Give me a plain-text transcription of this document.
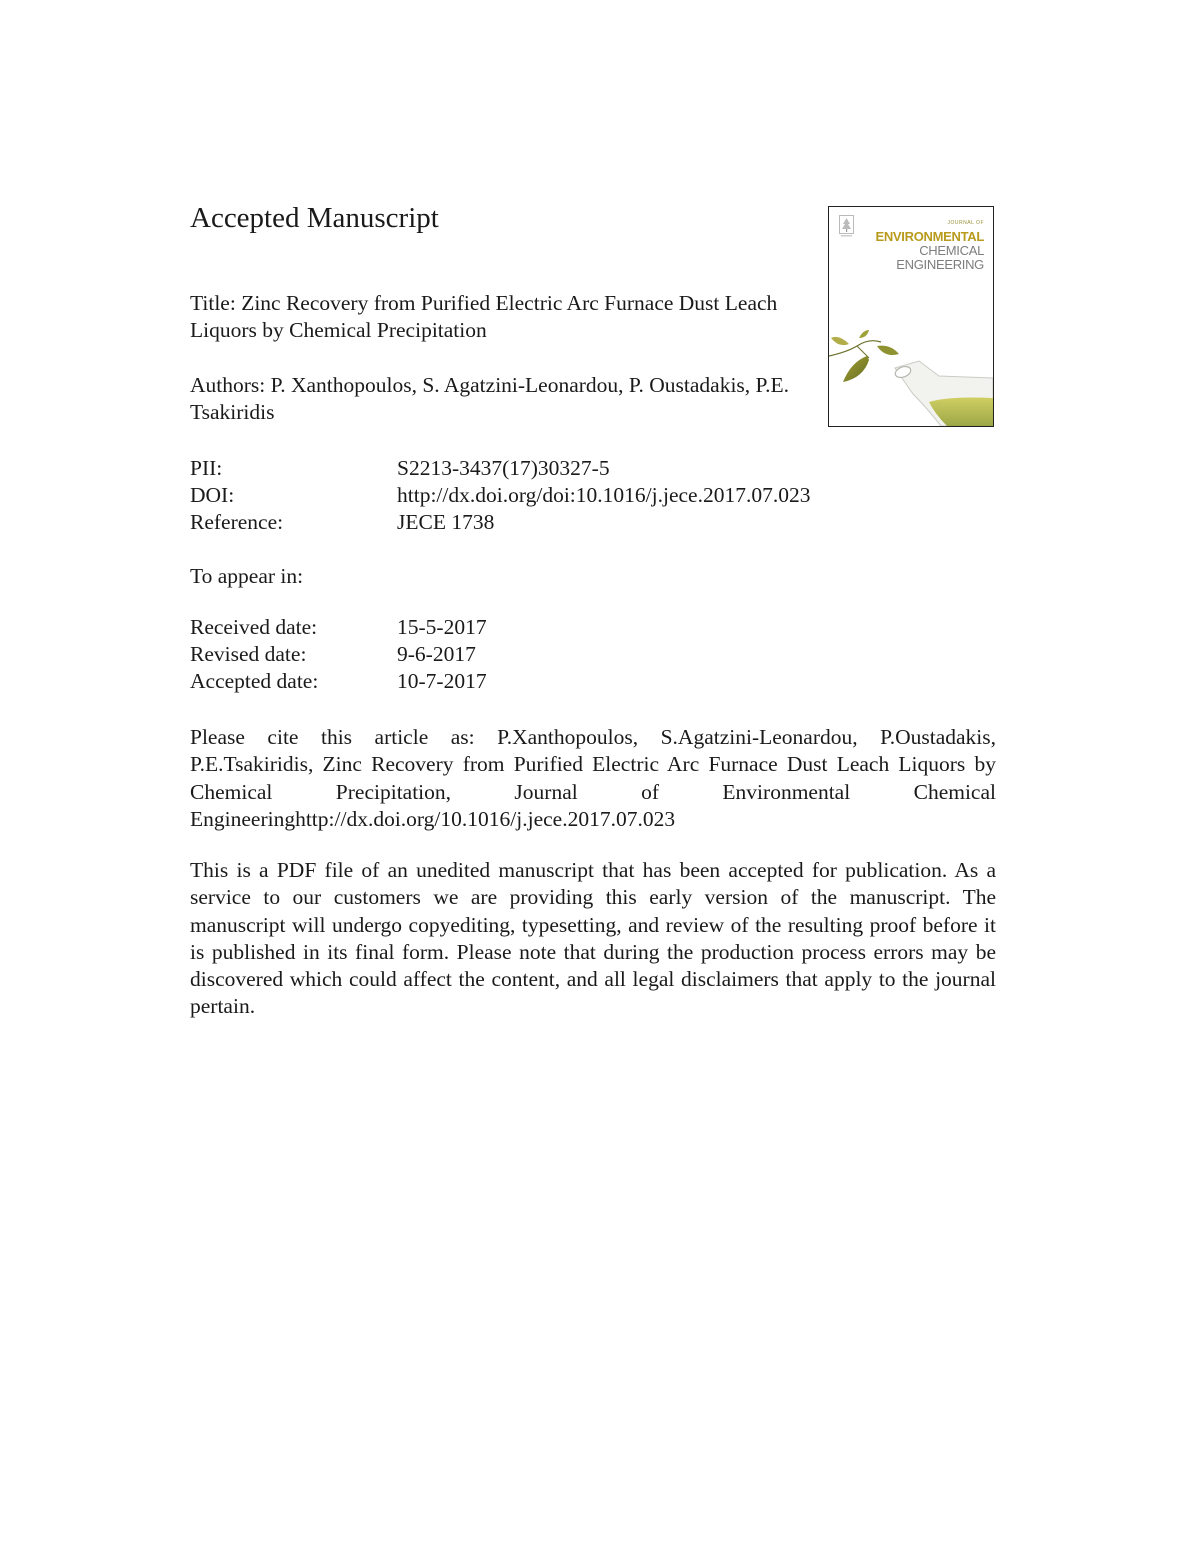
Accepted Manuscript
Title: Zinc Recovery from Purified Electric Arc Furnace Dust Leach Liquors by Chemical Precipitation
Authors: P. Xanthopoulos, S. Agatzini-Leonardou, P. Oustadakis, P.E. Tsakiridis
PII:	S2213-3437(17)30327-5
DOI:	http://dx.doi.org/doi:10.1016/j.jece.2017.07.023
Reference:	JECE 1738
To appear in:
Received date:	15-5-2017
Revised date:	9-6-2017
Accepted date:	10-7-2017

Please cite this article as: P.Xanthopoulos, S.Agatzini-Leonardou, P.Oustadakis, P.E.Tsakiridis, Zinc Recovery from Purified Electric Arc Furnace Dust Leach Liquors by Chemical Precipitation, Journal of Environmental Chemical Engineeringhttp://dx.doi.org/10.1016/j.jece.2017.07.023

This is a PDF file of an unedited manuscript that has been accepted for publication. As a service to our customers we are providing this early version of the manuscript. The manuscript will undergo copyediting, typesetting, and review of the resulting proof before it is published in its final form. Please note that during the production process errors may be discovered which could affect the content, and all legal disclaimers that apply to the journal pertain.

JOURNAL OF
ENVIRONMENTAL
CHEMICAL
ENGINEERING
